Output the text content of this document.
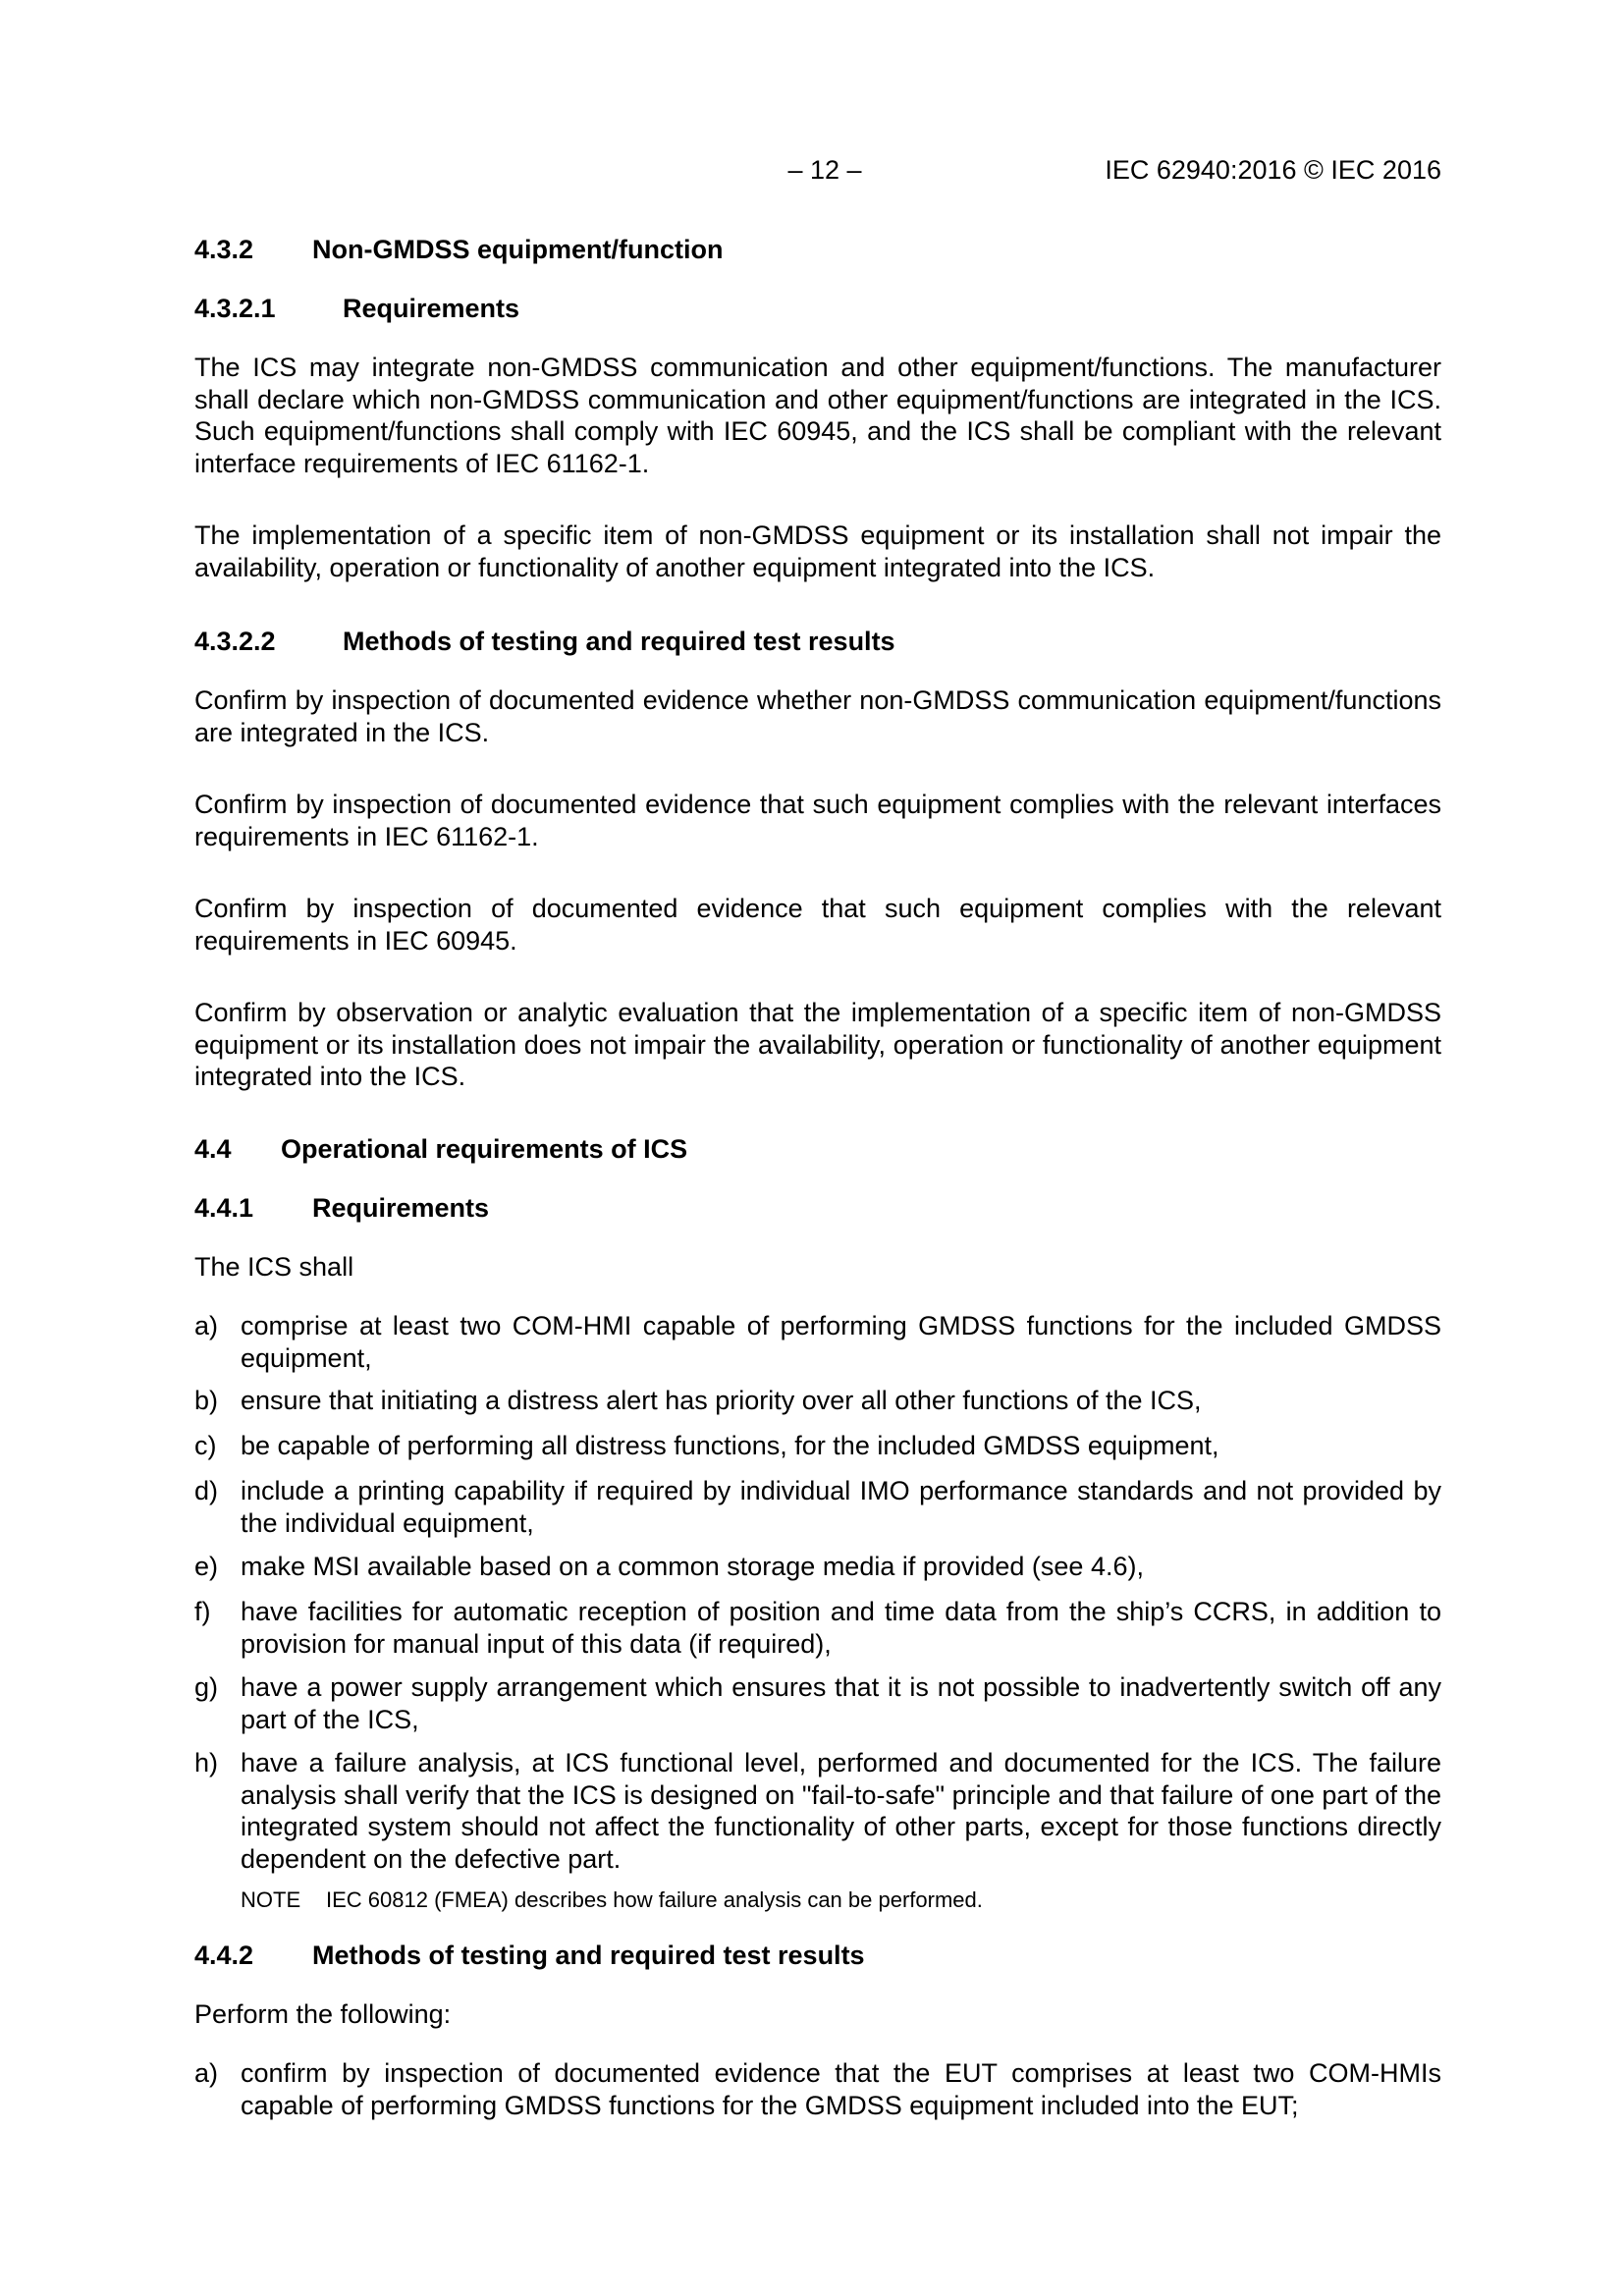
– 12 –	IEC 62940:2016 © IEC 2016
4.3.2 Non-GMDSS equipment/function
4.3.2.1	Requirements
The ICS may integrate non-GMDSS communication and other equipment/functions. The manufacturer shall declare which non-GMDSS communication and other equipment/functions are integrated in the ICS. Such equipment/functions shall comply with IEC 60945, and the ICS shall be compliant with the relevant interface requirements of IEC 61162-1.
The implementation of a specific item of non-GMDSS equipment or its installation shall not impair the availability, operation or functionality of another equipment integrated into the ICS.
4.3.2.2	Methods of testing and required test results
Confirm by inspection of documented evidence whether non-GMDSS communication equipment/functions are integrated in the ICS.
Confirm by inspection of documented evidence that such equipment complies with the relevant interfaces requirements in IEC 61162-1.
Confirm by inspection of documented evidence that such equipment complies with the relevant requirements in IEC 60945.
Confirm by observation or analytic evaluation that the implementation of a specific item of non-GMDSS equipment or its installation does not impair the availability, operation or functionality of another equipment integrated into the ICS.
4.4 Operational requirements of ICS
4.4.1 Requirements
The ICS shall
a) comprise at least two COM-HMI capable of performing GMDSS functions for the included GMDSS equipment,
b) ensure that initiating a distress alert has priority over all other functions of the ICS,
c) be capable of performing all distress functions, for the included GMDSS equipment,
d) include a printing capability if required by individual IMO performance standards and not provided by the individual equipment,
e) make MSI available based on a common storage media if provided (see 4.6),
f) have facilities for automatic reception of position and time data from the ship’s CCRS, in addition to provision for manual input of this data (if required),
g) have a power supply arrangement which ensures that it is not possible to inadvertently switch off any part of the ICS,
h) have a failure analysis, at ICS functional level, performed and documented for the ICS. The failure analysis shall verify that the ICS is designed on "fail-to-safe" principle and that failure of one part of the integrated system should not affect the functionality of other parts, except for those functions directly dependent on the defective part.
NOTE IEC 60812 (FMEA) describes how failure analysis can be performed.
4.4.2 Methods of testing and required test results
Perform the following:
a) confirm by inspection of documented evidence that the EUT comprises at least two COM-HMIs capable of performing GMDSS functions for the GMDSS equipment included into the EUT;
